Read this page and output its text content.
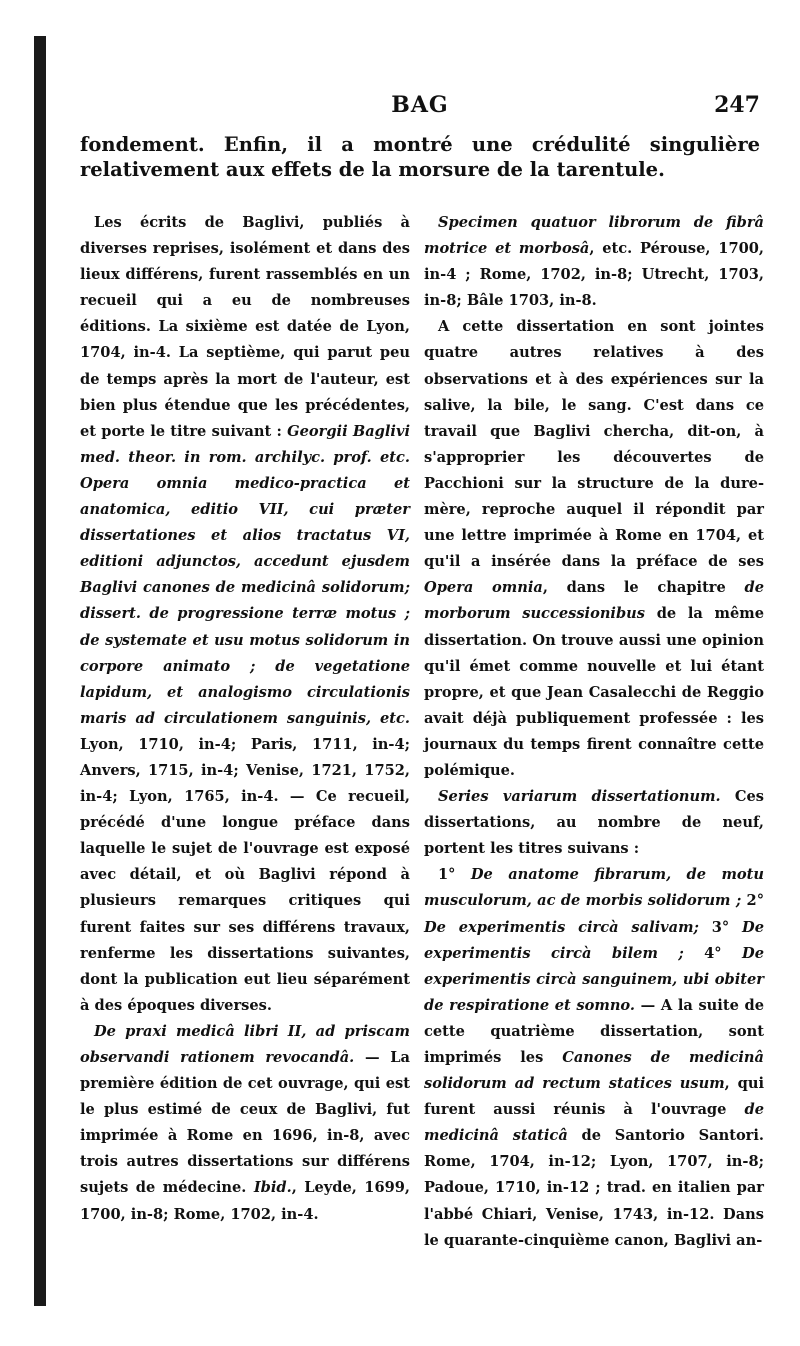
BAG	247

fondement. Enfin, il a montré une crédulité singulière relativement aux effets de la morsure de la tarentule.

Les écrits de Baglivi, publiés à diverses reprises, isolément et dans des lieux différens, furent rassemblés en un recueil qui a eu de nombreuses éditions. La sixième est datée de Lyon, 1704, in-4. La septième, qui parut peu de temps après la mort de l'auteur, est bien plus étendue que les précédentes, et porte le titre suivant : Georgii Baglivi med. theor. in rom. archilyc. prof. etc. Opera omnia medico-practica et anatomica, editio VII, cui præter dissertationes et alios tractatus VI, editioni adjunctos, accedunt ejusdem Baglivi canones de medicinâ solidorum; dissert. de progressione terræ motus ; de systemate et usu motus solidorum in corpore animato ; de vegetatione lapidum, et analogismo circulationis maris ad circulationem sanguinis, etc. Lyon, 1710, in-4; Paris, 1711, in-4; Anvers, 1715, in-4; Venise, 1721, 1752, in-4; Lyon, 1765, in-4. — Ce recueil, précédé d'une longue préface dans laquelle le sujet de l'ouvrage est exposé avec détail, et où Baglivi répond à plusieurs remarques critiques qui furent faites sur ses différens travaux, renferme les dissertations suivantes, dont la publication eut lieu séparément à des époques diverses.

De praxi medicâ libri II, ad priscam observandi rationem revocandâ. — La première édition de cet ouvrage, qui est le plus estimé de ceux de Baglivi, fut imprimée à Rome en 1696, in-8, avec trois autres dissertations sur différens sujets de médecine. Ibid., Leyde, 1699, 1700, in-8; Rome, 1702, in-4.

Specimen quatuor librorum de fibrâ motrice et morbosâ, etc. Pérouse, 1700, in-4 ; Rome, 1702, in-8; Utrecht, 1703, in-8; Bâle 1703, in-8.

A cette dissertation en sont jointes quatre autres relatives à des observations et à des expériences sur la salive, la bile, le sang. C'est dans ce travail que Baglivi chercha, dit-on, à s'approprier les découvertes de Pacchioni sur la structure de la dure-mère, reproche auquel il répondit par une lettre imprimée à Rome en 1704, et qu'il a insérée dans la préface de ses Opera omnia, dans le chapitre de morborum successionibus de la même dissertation. On trouve aussi une opinion qu'il émet comme nouvelle et lui étant propre, et que Jean Casalecchi de Reggio avait déjà publiquement professée : les journaux du temps firent connaître cette polémique.

Series variarum dissertationum. Ces dissertations, au nombre de neuf, portent les titres suivans :

1° De anatome fibrarum, de motu musculorum, ac de morbis solidorum ; 2° De experimentis circà salivam; 3° De experimentis circà bilem ; 4° De experimentis circà sanguinem, ubi obiter de respiratione et somno. — A la suite de cette quatrième dissertation, sont imprimés les Canones de medicinâ solidorum ad rectum statices usum, qui furent aussi réunis à l'ouvrage de medicinâ staticâ de Santorio Santori. Rome, 1704, in-12; Lyon, 1707, in-8; Padoue, 1710, in-12 ; trad. en italien par l'abbé Chiari, Venise, 1743, in-12. Dans le quarante-cinquième canon, Baglivi an-
